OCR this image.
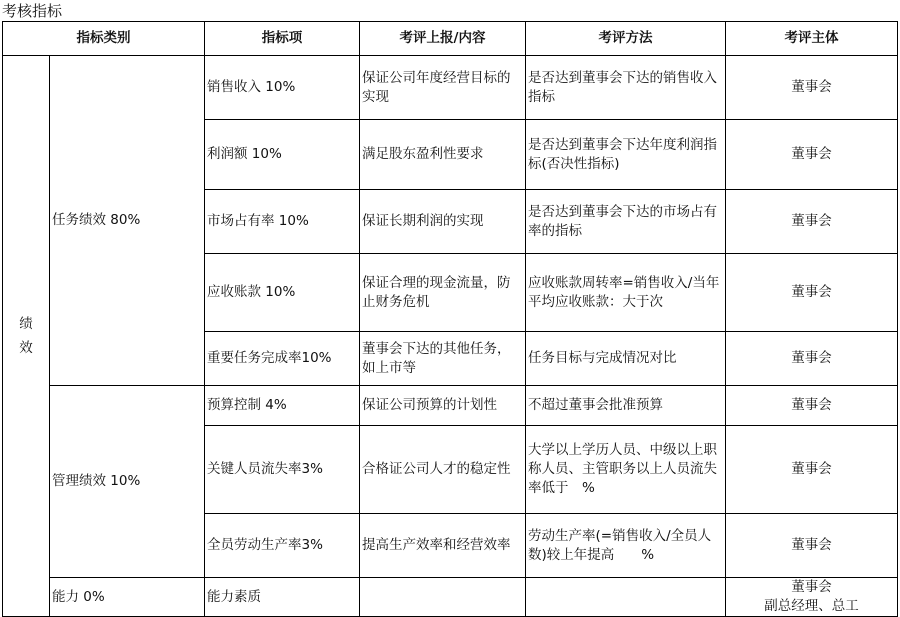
考核指标
指标类别		指标项	考评上报/内容	考评方法	考评主体

绩
效	任务绩效 80%	销售收入 10%	保证公司年度经营目标的实现	是否达到董事会下达的销售收入指标	董事会
		利润额 10%	满足股东盈利性要求	是否达到董事会下达年度利润指标(否决性指标)	董事会
		市场占有率 10%	保证长期利润的实现	是否达到董事会下达的市场占有率的指标	董事会
		应收账款 10%	保证合理的现金流量，防止财务危机	应收账款周转率=销售收入/当年平均应收账款：大于次	董事会
		重要任务完成率10%	董事会下达的其他任务，如上市等	任务目标与完成情况对比	董事会
	管理绩效 10%	预算控制 4%	保证公司预算的计划性	不超过董事会批准预算	董事会
		关键人员流失率3%	合格证公司人才的稳定性	大学以上学历人员、中级以上职称人员、主管职务以上人员流失率低于　%	董事会
		全员劳动生产率3%	提高生产效率和经营效率	劳动生产率(=销售收入/全员人数)较上年提高　　%	董事会
	能力 0%	能力素质			董事会
副总经理、总工
